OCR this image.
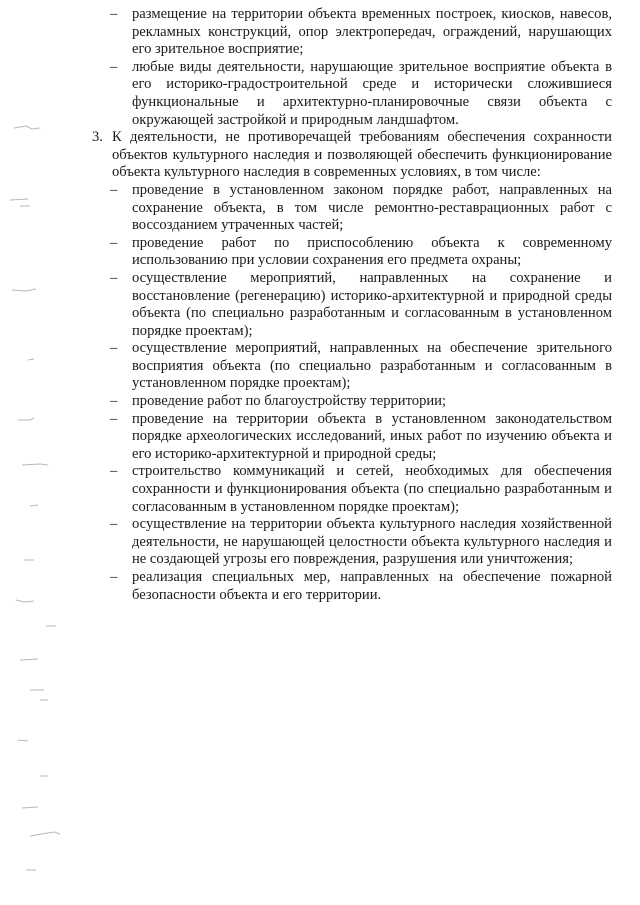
– размещение на территории объекта временных построек, киосков, навесов, рекламных конструкций, опор электропередач, ограждений, нарушающих его зрительное восприятие;

– любые виды деятельности, нарушающие зрительное восприятие объекта в его историко-градостроительной среде и исторически сложившиеся функциональные и архитектурно-планировочные связи объекта с окружающей застройкой и природным ландшафтом.

3. К деятельности, не противоречащей требованиям обеспечения сохранности объектов культурного наследия и позволяющей обеспечить функционирование объекта культурного наследия в современных условиях, в том числе:

– проведение в установленном законом порядке работ, направленных на сохранение объекта, в том числе ремонтно-реставрационных работ с воссозданием утраченных частей;

– проведение работ по приспособлению объекта к современному использованию при условии сохранения его предмета охраны;

– осуществление мероприятий, направленных на сохранение и восстановление (регенерацию) историко-архитектурной и природной среды объекта (по специально разработанным и согласованным в установленном порядке проектам);

– осуществление мероприятий, направленных на обеспечение зрительного восприятия объекта (по специально разработанным и согласованным в установленном порядке проектам);

– проведение работ по благоустройству территории;

– проведение на территории объекта в установленном законодательством порядке археологических исследований, иных работ по изучению объекта и его историко-архитектурной и природной среды;

– строительство коммуникаций и сетей, необходимых для обеспечения сохранности и функционирования объекта (по специально разработанным и согласованным в установленном порядке проектам);

– осуществление на территории объекта культурного наследия хозяйственной деятельности, не нарушающей целостности объекта культурного наследия и не создающей угрозы его повреждения, разрушения или уничтожения;

– реализация специальных мер, направленных на обеспечение пожарной безопасности объекта и его территории.
